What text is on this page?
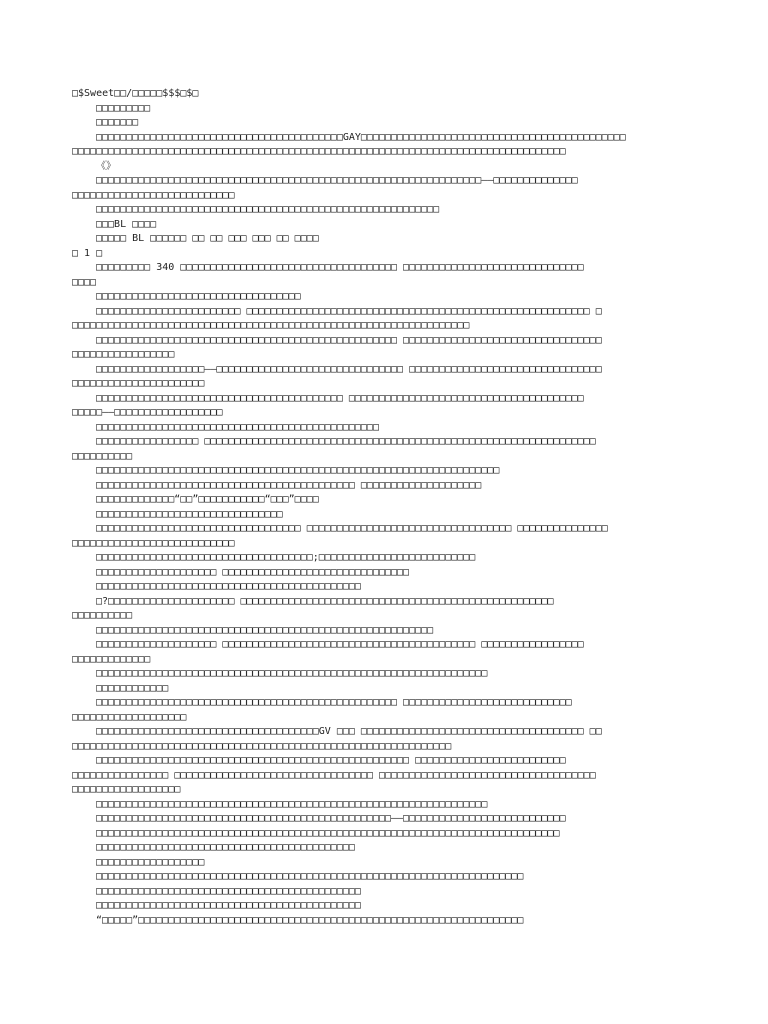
□$Sweet□□/□□□□□$$$□$□
□□□□□□□□□
□□□□□□□
□□□□□□□□□□□□□□□□□□□□□□□□□□□□□□□□□□□□□□□□□GAY□□□□□□□□□□□□□□□□□□□□□□□□□□□□□□□□□□□□□□□□□□□□
□□□□□□□□□□□□□□□□□□□□□□□□□□□□□□□□□□□□□□□□□□□□□□□□□□□□□□□□□□□□□□□□□□□□□□□□□□□□□□□□□□
《》
□□□□□□□□□□□□□□□□□□□□□□□□□□□□□□□□□□□□□□□□□□□□□□□□□□□□□□□□□□□□□□□□——□□□□□□□□□□□□□□
□□□□□□□□□□□□□□□□□□□□□□□□□□□
□□□□□□□□□□□□□□□□□□□□□□□□□□□□□□□□□□□□□□□□□□□□□□□□□□□□□□□□□
□□□BL □□□□
□□□□□ BL □□□□□□ □□ □□ □□□ □□□ □□ □□□□
□ 1 □
□□□□□□□□□ 340 □□□□□□□□□□□□□□□□□□□□□□□□□□□□□□□□□□□□ □□□□□□□□□□□□□□□□□□□□□□□□□□□□□□
□□□□
□□□□□□□□□□□□□□□□□□□□□□□□□□□□□□□□□□
□□□□□□□□□□□□□□□□□□□□□□□□ □□□□□□□□□□□□□□□□□□□□□□□□□□□□□□□□□□□□□□□□□□□□□□□□□□□□□□□□□ □
□□□□□□□□□□□□□□□□□□□□□□□□□□□□□□□□□□□□□□□□□□□□□□□□□□□□□□□□□□□□□□□□□□
□□□□□□□□□□□□□□□□□□□□□□□□□□□□□□□□□□□□□□□□□□□□□□□□□□ □□□□□□□□□□□□□□□□□□□□□□□□□□□□□□□□□
□□□□□□□□□□□□□□□□□
□□□□□□□□□□□□□□□□□□——□□□□□□□□□□□□□□□□□□□□□□□□□□□□□□□ □□□□□□□□□□□□□□□□□□□□□□□□□□□□□□□□
□□□□□□□□□□□□□□□□□□□□□□
□□□□□□□□□□□□□□□□□□□□□□□□□□□□□□□□□□□□□□□□□ □□□□□□□□□□□□□□□□□□□□□□□□□□□□□□□□□□□□□□□
□□□□□——□□□□□□□□□□□□□□□□□□
□□□□□□□□□□□□□□□□□□□□□□□□□□□□□□□□□□□□□□□□□□□□□□□
□□□□□□□□□□□□□□□□□ □□□□□□□□□□□□□□□□□□□□□□□□□□□□□□□□□□□□□□□□□□□□□□□□□□□□□□□□□□□□□□□□□
□□□□□□□□□□
□□□□□□□□□□□□□□□□□□□□□□□□□□□□□□□□□□□□□□□□□□□□□□□□□□□□□□□□□□□□□□□□□□□
□□□□□□□□□□□□□□□□□□□□□□□□□□□□□□□□□□□□□□□□□□□ □□□□□□□□□□□□□□□□□□□□
□□□□□□□□□□□□□“□□”□□□□□□□□□□□“□□□”□□□□
□□□□□□□□□□□□□□□□□□□□□□□□□□□□□□□
□□□□□□□□□□□□□□□□□□□□□□□□□□□□□□□□□□ □□□□□□□□□□□□□□□□□□□□□□□□□□□□□□□□□□ □□□□□□□□□□□□□□□
□□□□□□□□□□□□□□□□□□□□□□□□□□□
□□□□□□□□□□□□□□□□□□□□□□□□□□□□□□□□□□□□;□□□□□□□□□□□□□□□□□□□□□□□□□□
□□□□□□□□□□□□□□□□□□□□ □□□□□□□□□□□□□□□□□□□□□□□□□□□□□□□
□□□□□□□□□□□□□□□□□□□□□□□□□□□□□□□□□□□□□□□□□□□□
□?□□□□□□□□□□□□□□□□□□□□□ □□□□□□□□□□□□□□□□□□□□□□□□□□□□□□□□□□□□□□□□□□□□□□□□□□□□
□□□□□□□□□□
□□□□□□□□□□□□□□□□□□□□□□□□□□□□□□□□□□□□□□□□□□□□□□□□□□□□□□□□
□□□□□□□□□□□□□□□□□□□□ □□□□□□□□□□□□□□□□□□□□□□□□□□□□□□□□□□□□□□□□□□ □□□□□□□□□□□□□□□□□
□□□□□□□□□□□□□
□□□□□□□□□□□□□□□□□□□□□□□□□□□□□□□□□□□□□□□□□□□□□□□□□□□□□□□□□□□□□□□□□
□□□□□□□□□□□□
□□□□□□□□□□□□□□□□□□□□□□□□□□□□□□□□□□□□□□□□□□□□□□□□□□ □□□□□□□□□□□□□□□□□□□□□□□□□□□□
□□□□□□□□□□□□□□□□□□□
□□□□□□□□□□□□□□□□□□□□□□□□□□□□□□□□□□□□□GV □□□ □□□□□□□□□□□□□□□□□□□□□□□□□□□□□□□□□□□□□ □□
□□□□□□□□□□□□□□□□□□□□□□□□□□□□□□□□□□□□□□□□□□□□□□□□□□□□□□□□□□□□□□□
□□□□□□□□□□□□□□□□□□□□□□□□□□□□□□□□□□□□□□□□□□□□□□□□□□□□ □□□□□□□□□□□□□□□□□□□□□□□□□
□□□□□□□□□□□□□□□□ □□□□□□□□□□□□□□□□□□□□□□□□□□□□□□□□□ □□□□□□□□□□□□□□□□□□□□□□□□□□□□□□□□□□□□
□□□□□□□□□□□□□□□□□□
□□□□□□□□□□□□□□□□□□□□□□□□□□□□□□□□□□□□□□□□□□□□□□□□□□□□□□□□□□□□□□□□□
□□□□□□□□□□□□□□□□□□□□□□□□□□□□□□□□□□□□□□□□□□□□□□□□□——□□□□□□□□□□□□□□□□□□□□□□□□□□□
□□□□□□□□□□□□□□□□□□□□□□□□□□□□□□□□□□□□□□□□□□□□□□□□□□□□□□□□□□□□□□□□□□□□□□□□□□□□□
□□□□□□□□□□□□□□□□□□□□□□□□□□□□□□□□□□□□□□□□□□□
□□□□□□□□□□□□□□□□□□
□□□□□□□□□□□□□□□□□□□□□□□□□□□□□□□□□□□□□□□□□□□□□□□□□□□□□□□□□□□□□□□□□□□□□□□
□□□□□□□□□□□□□□□□□□□□□□□□□□□□□□□□□□□□□□□□□□□□
□□□□□□□□□□□□□□□□□□□□□□□□□□□□□□□□□□□□□□□□□□□□
“□□□□□”□□□□□□□□□□□□□□□□□□□□□□□□□□□□□□□□□□□□□□□□□□□□□□□□□□□□□□□□□□□□□□□□
